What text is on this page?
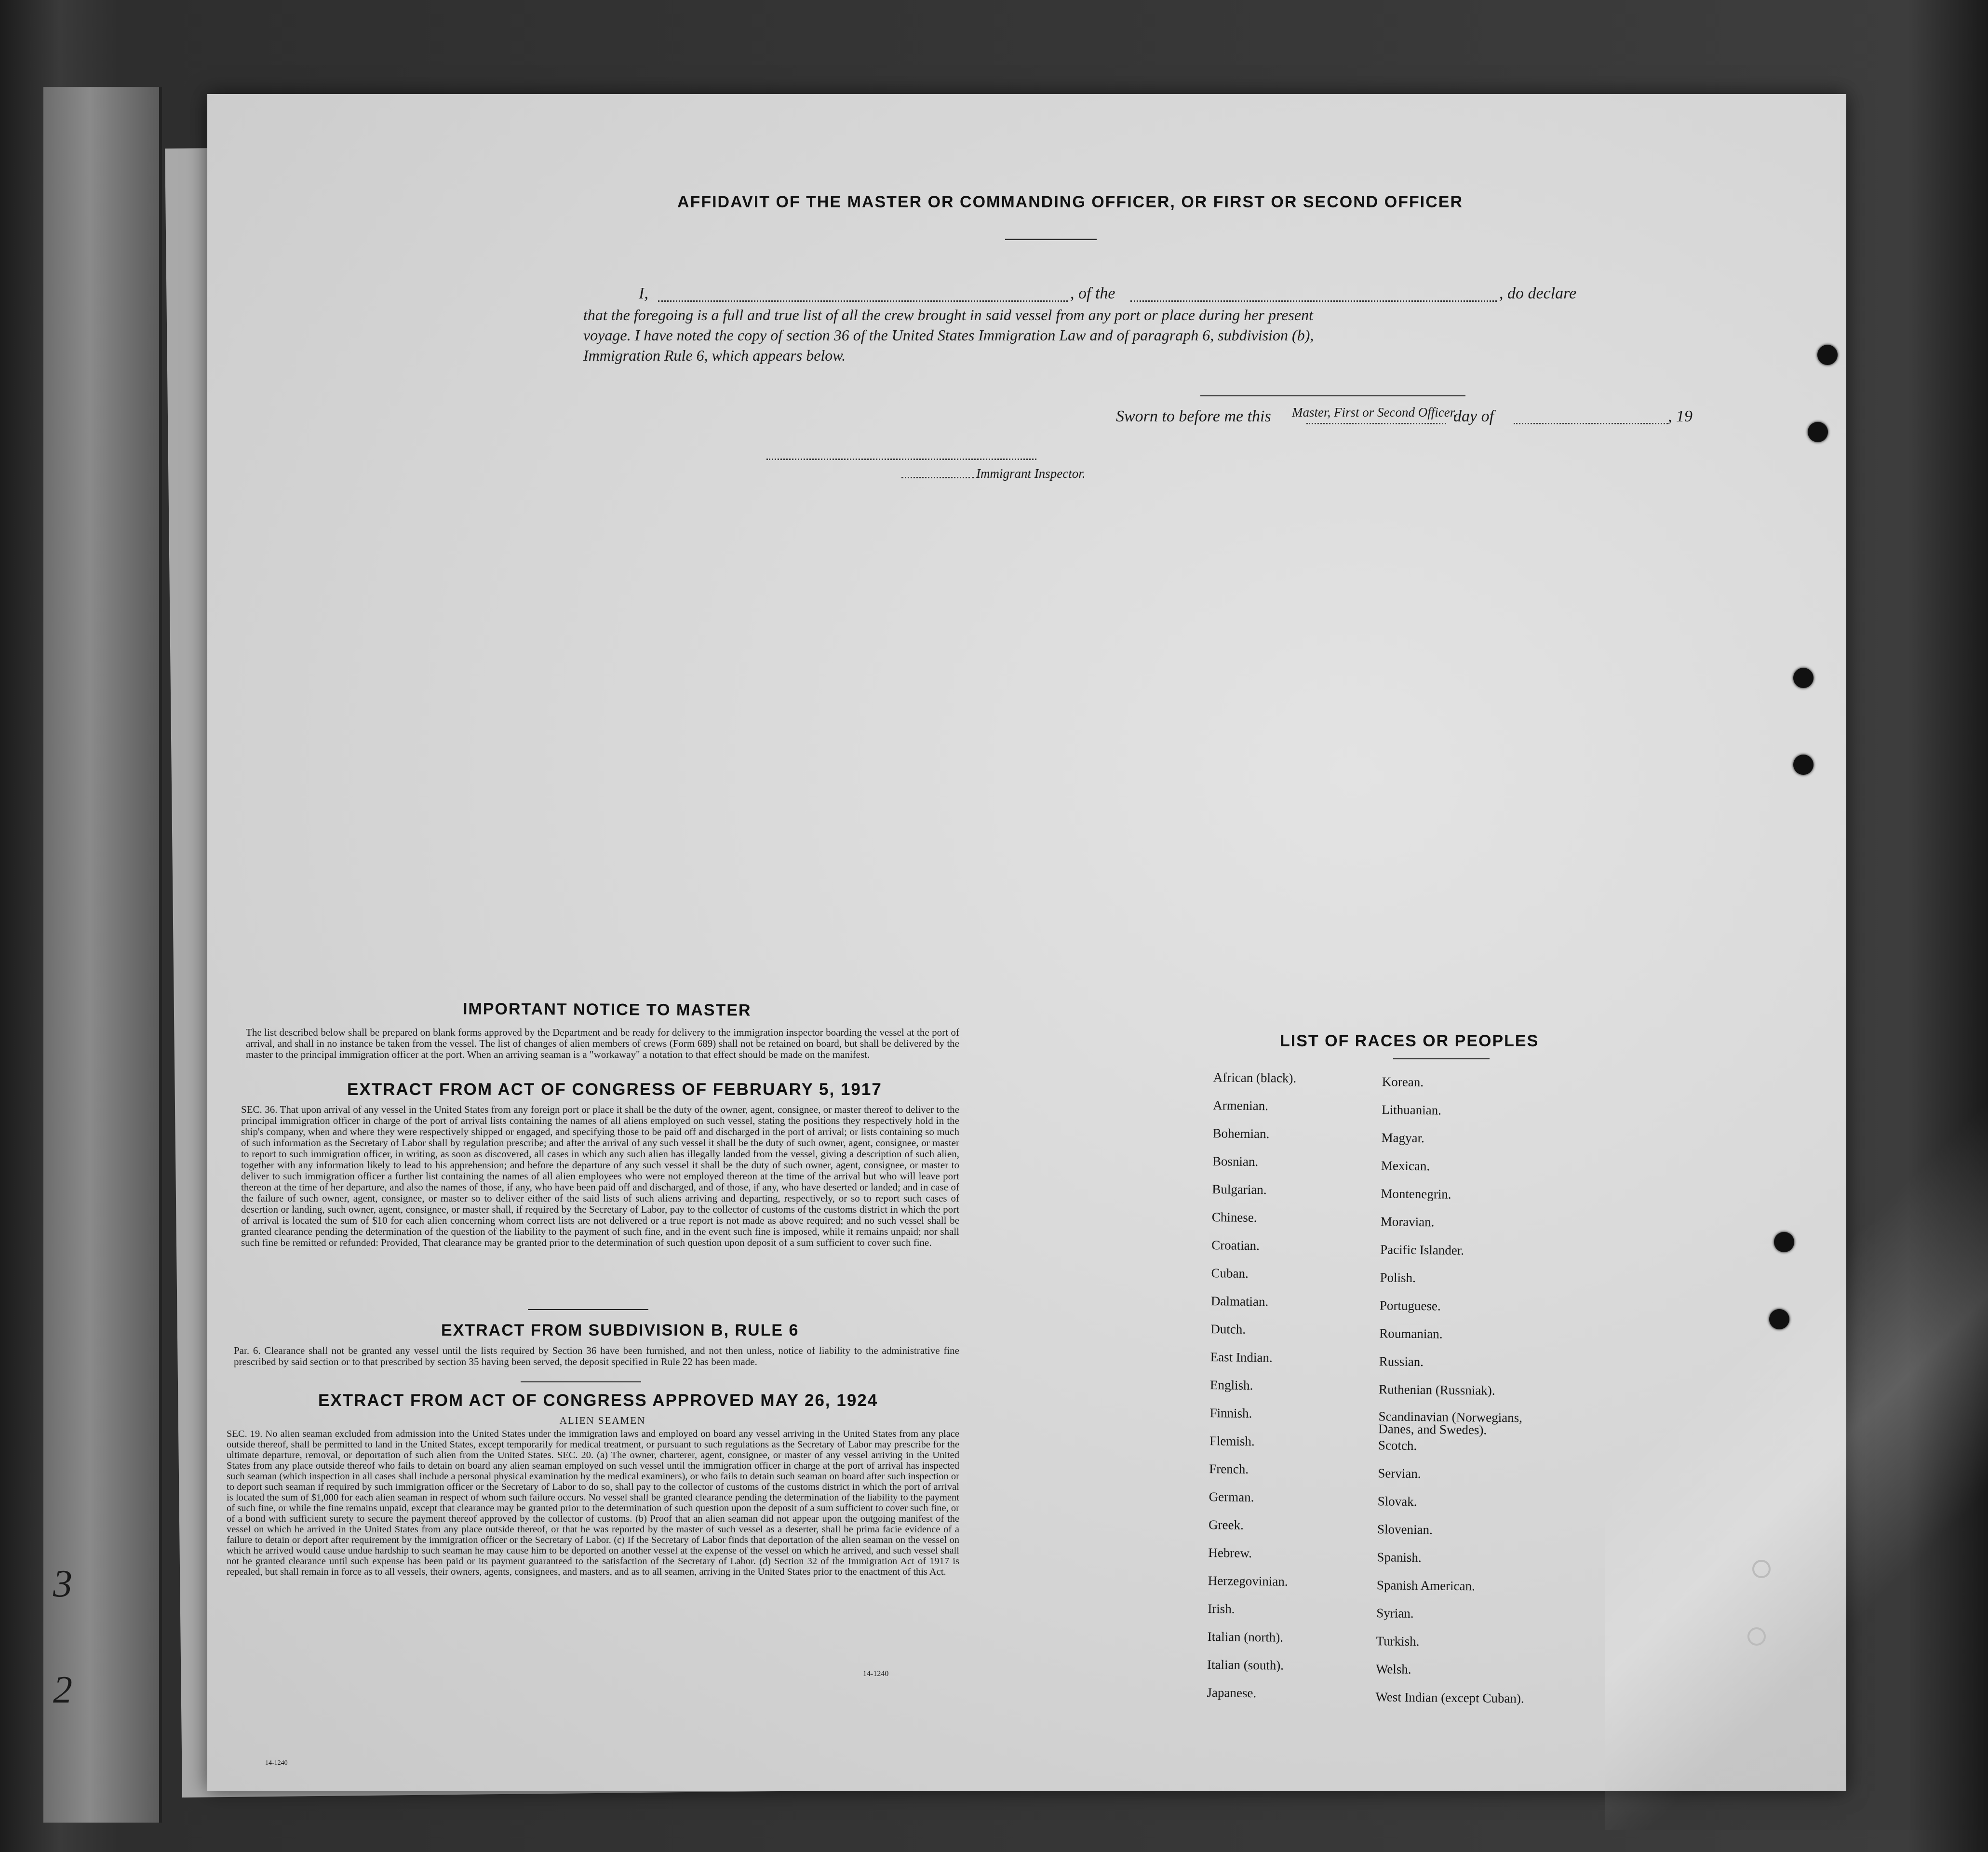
3
2
AFFIDAVIT OF THE MASTER OR COMMANDING OFFICER, OR FIRST OR SECOND OFFICER
I,	, of the	, do declare
that the foregoing is a full and true list of all the crew brought in said vessel from any port or place during her present
voyage. I have noted the copy of section 36 of the United States Immigration Law and of paragraph 6, subdivision (b),
Immigration Rule 6, which appears below.
Sworn to before me this	day of	, 19
Master, First or Second Officer.
Immigrant Inspector.
IMPORTANT NOTICE TO MASTER
The list described below shall be prepared on blank forms approved by the Department and be ready for delivery to the immigration inspector boarding the vessel at the port of arrival, and shall in no instance be taken from the vessel. The list of changes of alien members of crews (Form 689) shall not be retained on board, but shall be delivered by the master to the principal immigration officer at the port. When an arriving seaman is a "workaway" a notation to that effect should be made on the manifest.
EXTRACT FROM ACT OF CONGRESS OF FEBRUARY 5, 1917
SEC. 36. That upon arrival of any vessel in the United States from any foreign port or place it shall be the duty of the owner, agent, consignee, or master thereof to deliver to the principal immigration officer in charge of the port of arrival lists containing the names of all aliens employed on such vessel, stating the positions they respectively hold in the ship's company, when and where they were respectively shipped or engaged, and specifying those to be paid off and discharged in the port of arrival; or lists containing so much of such information as the Secretary of Labor shall by regulation prescribe; and after the arrival of any such vessel it shall be the duty of such owner, agent, consignee, or master to report to such immigration officer, in writing, as soon as discovered, all cases in which any such alien has illegally landed from the vessel, giving a description of such alien, together with any information likely to lead to his apprehension; and before the departure of any such vessel it shall be the duty of such owner, agent, consignee, or master to deliver to such immigration officer a further list containing the names of all alien employees who were not employed thereon at the time of the arrival but who will leave port thereon at the time of her departure, and also the names of those, if any, who have been paid off and discharged, and of those, if any, who have deserted or landed; and in case of the failure of such owner, agent, consignee, or master so to deliver either of the said lists of such aliens arriving and departing, respectively, or so to report such cases of desertion or landing, such owner, agent, consignee, or master shall, if required by the Secretary of Labor, pay to the collector of customs of the customs district in which the port of arrival is located the sum of $10 for each alien concerning whom correct lists are not delivered or a true report is not made as above required; and no such vessel shall be granted clearance pending the determination of the question of the liability to the payment of such fine, and in the event such fine is imposed, while it remains unpaid; nor shall such fine be remitted or refunded: Provided, That clearance may be granted prior to the determination of such question upon deposit of a sum sufficient to cover such fine.
EXTRACT FROM SUBDIVISION B, RULE 6
Par. 6. Clearance shall not be granted any vessel until the lists required by Section 36 have been furnished, and not then unless, notice of liability to the administrative fine prescribed by said section or to that prescribed by section 35 having been served, the deposit specified in Rule 22 has been made.
EXTRACT FROM ACT OF CONGRESS APPROVED MAY 26, 1924
ALIEN SEAMEN
SEC. 19. No alien seaman excluded from admission into the United States under the immigration laws and employed on board any vessel arriving in the United States from any place outside thereof, shall be permitted to land in the United States, except temporarily for medical treatment, or pursuant to such regulations as the Secretary of Labor may prescribe for the ultimate departure, removal, or deportation of such alien from the United States. SEC. 20. (a) The owner, charterer, agent, consignee, or master of any vessel arriving in the United States from any place outside thereof who fails to detain on board any alien seaman employed on such vessel until the immigration officer in charge at the port of arrival has inspected such seaman (which inspection in all cases shall include a personal physical examination by the medical examiners), or who fails to detain such seaman on board after such inspection or to deport such seaman if required by such immigration officer or the Secretary of Labor to do so, shall pay to the collector of customs of the customs district in which the port of arrival is located the sum of $1,000 for each alien seaman in respect of whom such failure occurs. No vessel shall be granted clearance pending the determination of the liability to the payment of such fine, or while the fine remains unpaid, except that clearance may be granted prior to the determination of such question upon the deposit of a sum sufficient to cover such fine, or of a bond with sufficient surety to secure the payment thereof approved by the collector of customs. (b) Proof that an alien seaman did not appear upon the outgoing manifest of the vessel on which he arrived in the United States from any place outside thereof, or that he was reported by the master of such vessel as a deserter, shall be prima facie evidence of a failure to detain or deport after requirement by the immigration officer or the Secretary of Labor. (c) If the Secretary of Labor finds that deportation of the alien seaman on the vessel on which he arrived would cause undue hardship to such seaman he may cause him to be deported on another vessel at the expense of the vessel on which he arrived, and such vessel shall not be granted clearance until such expense has been paid or its payment guaranteed to the satisfaction of the Secretary of Labor. (d) Section 32 of the Immigration Act of 1917 is repealed, but shall remain in force as to all vessels, their owners, agents, consignees, and masters, and as to all seamen, arriving in the United States prior to the enactment of this Act.
14-1240
LIST OF RACES OR PEOPLES
African (black).
Armenian.
Bohemian.
Bosnian.
Bulgarian.
Chinese.
Croatian.
Cuban.
Dalmatian.
Dutch.
East Indian.
English.
Finnish.
Flemish.
French.
German.
Greek.
Hebrew.
Herzegovinian.
Irish.
Italian (north).
Italian (south).
Japanese.
Korean.
Lithuanian.
Magyar.
Mexican.
Montenegrin.
Moravian.
Pacific Islander.
Polish.
Portuguese.
Roumanian.
Russian.
Ruthenian (Russniak).
Scandinavian (Norwegians, Danes, and Swedes).
Scotch.
Servian.
Slovak.
Slovenian.
Spanish.
Spanish American.
Syrian.
Turkish.
Welsh.
West Indian (except Cuban).
14-1240
